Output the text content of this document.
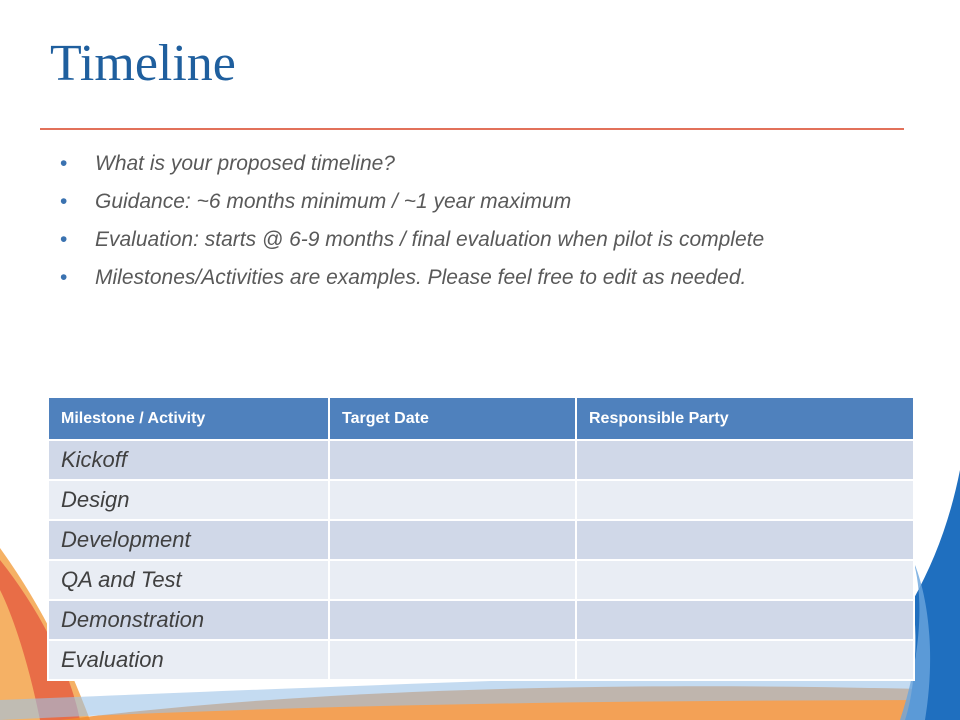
Timeline
• What is your proposed timeline?
• Guidance: ~6 months minimum / ~1 year maximum
• Evaluation: starts @ 6-9 months / final evaluation when pilot is complete
• Milestones/Activities are examples. Please feel free to edit as needed.
Milestone / Activity	Target Date	Responsible Party
Kickoff		
Design		
Development		
QA and Test		
Demonstration		
Evaluation		
